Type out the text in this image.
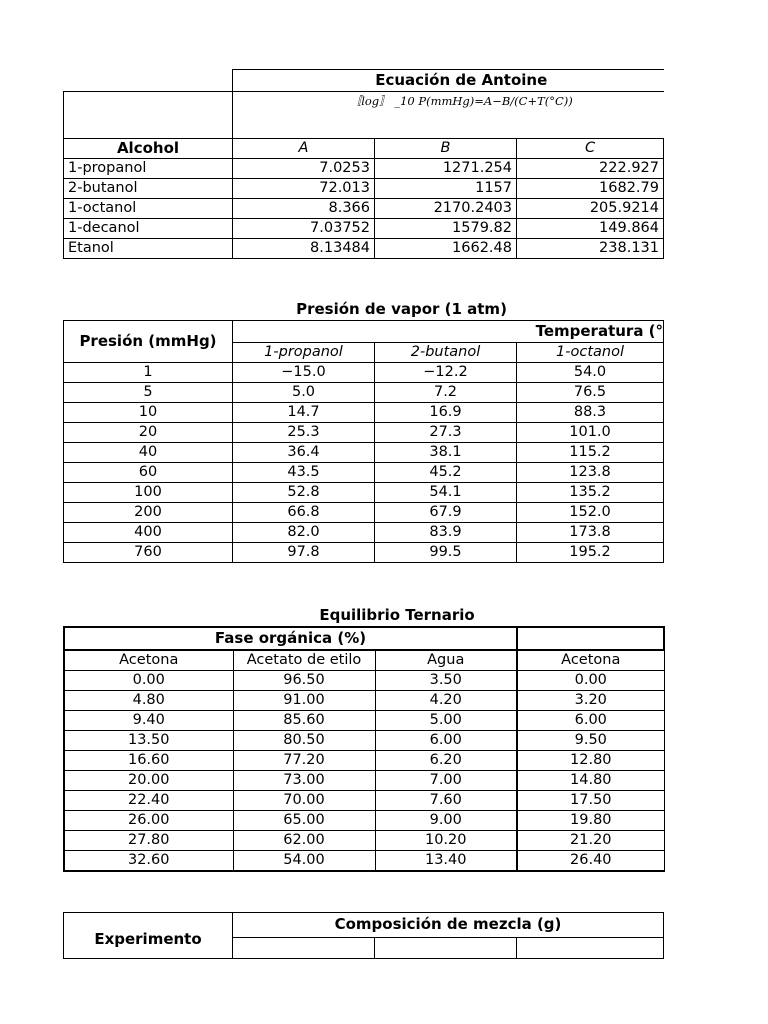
	Ecuación de Antoine		
	〚log〛 _10 P(mmHg)=A−B/(C+T(°C))		

Alcohol	A	B	C
1-propanol	7.0253	1271.254	222.927
2-butanol	72.013	1157	1682.79
1-octanol	8.366	2170.2403	205.9214
1-decanol	7.03752	1579.82	149.864
Etanol	8.13484	1662.48	238.131
Presión de vapor (1 atm)			
Presión (mmHg)	Temperatura (°		
	1-propanol	2-butanol	1-octanol
1	−15.0	−12.2	54.0
5	5.0	7.2	76.5
10	14.7	16.9	88.3
20	25.3	27.3	101.0
40	36.4	38.1	115.2
60	43.5	45.2	123.8
100	52.8	54.1	135.2
200	66.8	67.9	152.0
400	82.0	83.9	173.8
760	97.8	99.5	195.2
Equilibrio Ternario			
Fase orgánica (%)			
Acetona	Acetato de etilo	Agua	Acetona
0.00	96.50	3.50	0.00
4.80	91.00	4.20	3.20
9.40	85.60	5.00	6.00
13.50	80.50	6.00	9.50
16.60	77.20	6.20	12.80
20.00	73.00	7.00	14.80
22.40	70.00	7.60	17.50
26.00	65.00	9.00	19.80
27.80	62.00	10.20	21.20
32.60	54.00	13.40	26.40
Experimento	Composición de mezcla (g)		
